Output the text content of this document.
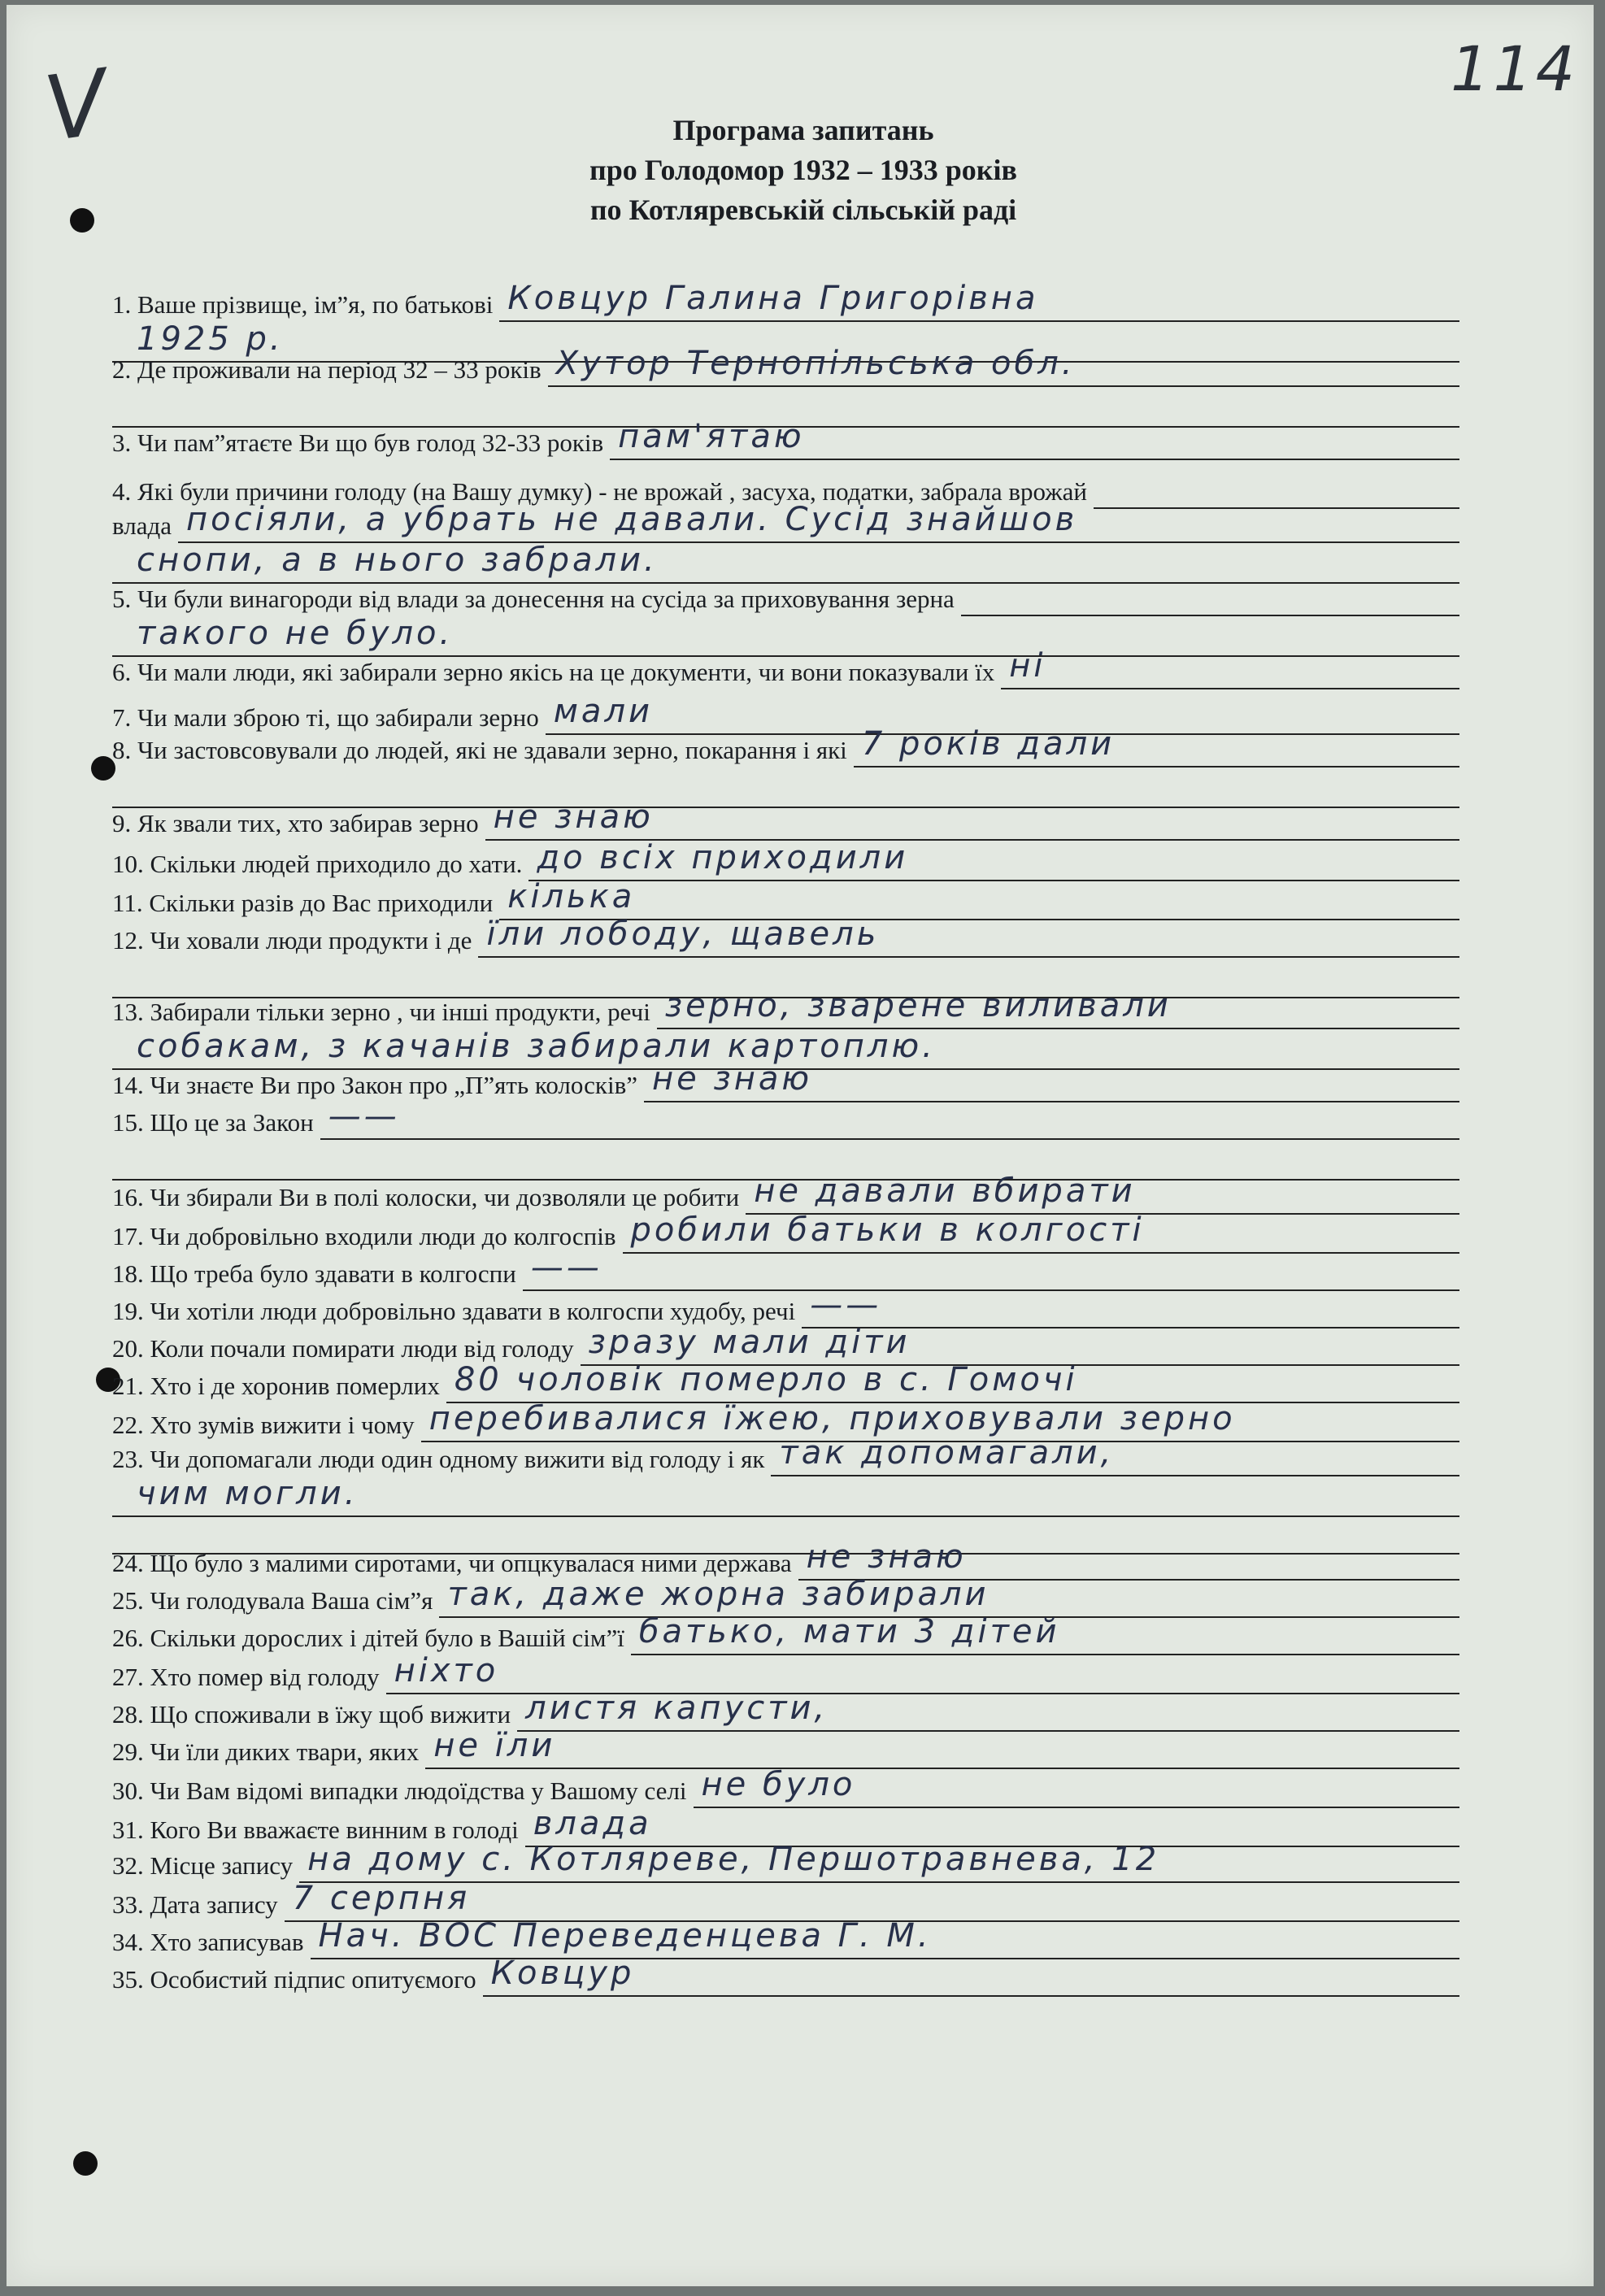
V	114
Програма запитань
про Голодомор 1932 – 1933 років
по Котляревській сільській раді
1. Ваше прізвище, ім”я, по батькові Ковцур Галина Григорівна
1925 р.
2. Де проживали на період 32 – 33 років Хутор Тернопільська обл.
3. Чи пам”ятаєте Ви що був голод 32-33 років пам'ятаю
4. Які були причини голоду (на Вашу думку) - не врожай , засуха, податки, забрала врожай
влада посіяли, а убрать не давали. Сусід знайшов
снопи, а в нього забрали.
5. Чи були винагороди від влади за донесення на сусіда за приховування зерна
такого не було.
6. Чи мали люди, які забирали зерно якісь на це документи, чи вони показували їх ні
7. Чи мали зброю ті, що забирали зерно мали
8. Чи застовсовували до людей, які не здавали зерно, покарання і які 7 років дали
9. Як звали тих, хто забирав зерно не знаю
10. Скільки людей приходило до хати. до всіх приходили
11. Скільки разів до Вас приходили кілька
12. Чи ховали люди продукти і де їли лободу, щавель
13. Забирали тільки зерно , чи інші продукти, речі зерно, зварене виливали
собакам, з качанів забирали картоплю.
14. Чи знаєте Ви про Закон про „П”ять колосків” не знаю
15. Що це за Закон ——
16. Чи збирали Ви в полі колоски, чи дозволяли це робити не давали вбирати
17. Чи добровільно входили люди до колгоспів робили батьки в колгості
18. Що треба було здавати в колгоспи ——
19. Чи хотіли люди добровільно здавати в колгоспи худобу, речі ——
20. Коли почали помирати люди від голоду зразу мали діти
21. Хто і де хоронив померлих 80 чоловік померло в с. Гомочі
22. Хто зумів вижити і чому перебивалися їжею, приховували зерно
23. Чи допомагали люди один одному вижити від голоду і як так допомагали,
чим могли.
24. Що було з малими сиротами, чи опцкувалася ними держава не знаю
25. Чи голодувала Ваша сім”я так, даже жорна забирали
26. Скільки дорослих і дітей було в Вашій сім”ї батько, мати 3 дітей
27. Хто помер від голоду ніхто
28. Що споживали в їжу щоб вижити листя капусти,
29. Чи їли диких твари, яких не їли
30. Чи Вам відомі випадки людоїдства у Вашому селі не було
31. Кого Ви вважаєте винним в голоді влада
32. Місце запису на дому с. Котляреве, Першотравнева, 12
33. Дата запису 7 серпня
34. Хто записував Нач. ВОС Переведенцева Г. М.
35. Особистий підпис опитуємого Ковцур
